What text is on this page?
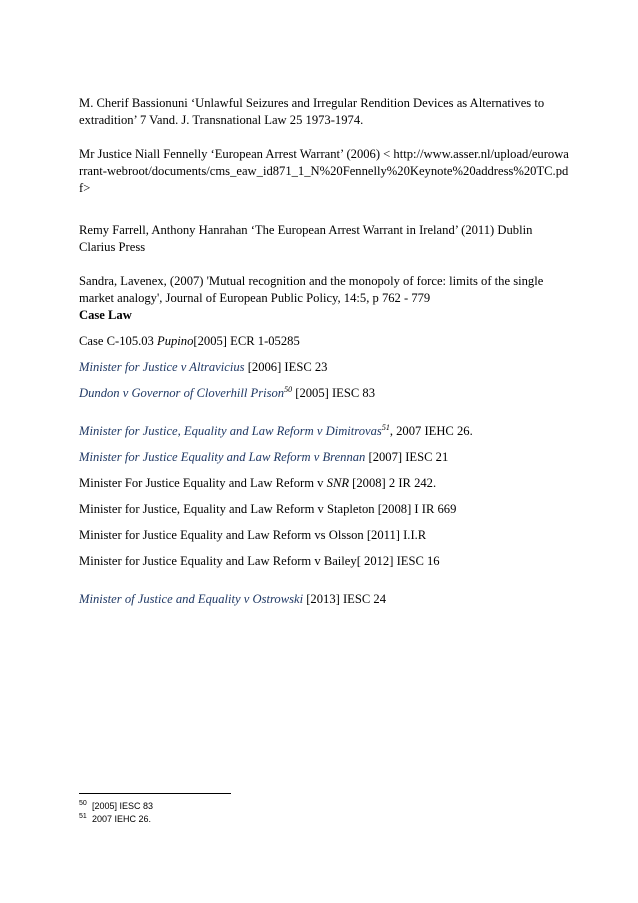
M. Cherif Bassionuni ‘Unlawful Seizures and Irregular Rendition Devices as Alternatives to extradition’ 7 Vand. J. Transnational Law 25 1973-1974.

Mr Justice Niall Fennelly ‘European Arrest Warrant’ (2006) < http://www.asser.nl/upload/eurowarrant-webroot/documents/cms_eaw_id871_1_N%20Fennelly%20Keynote%20address%20TC.pdf>

Remy Farrell, Anthony Hanrahan ‘The European Arrest Warrant in Ireland’ (2011) Dublin Clarius Press

Sandra, Lavenex, (2007) 'Mutual recognition and the monopoly of force: limits of the single market analogy', Journal of European Public Policy, 14:5, p 762 - 779

Case Law

Case C-105.03 Pupino[2005] ECR 1-05285

Minister for Justice v Altravicius [2006] IESC 23

Dundon v Governor of Cloverhill Prison$^{50}$ [2005] IESC 83

Minister for Justice, Equality and Law Reform v Dimitrovas$^{51}$, 2007 IEHC 26.

Minister for Justice Equality and Law Reform v Brennan [2007] IESC 21

Minister For Justice Equality and Law Reform v SNR [2008] 2 IR 242.

Minister for Justice, Equality and Law Reform v Stapleton [2008] I IR 669

Minister for Justice Equality and Law Reform vs Olsson [2011] I.I.R

Minister for Justice Equality and Law Reform v Bailey[ 2012] IESC 16

Minister of Justice and Equality v Ostrowski [2013] IESC 24

50 [2005] IESC 83
51 2007 IEHC 26.
